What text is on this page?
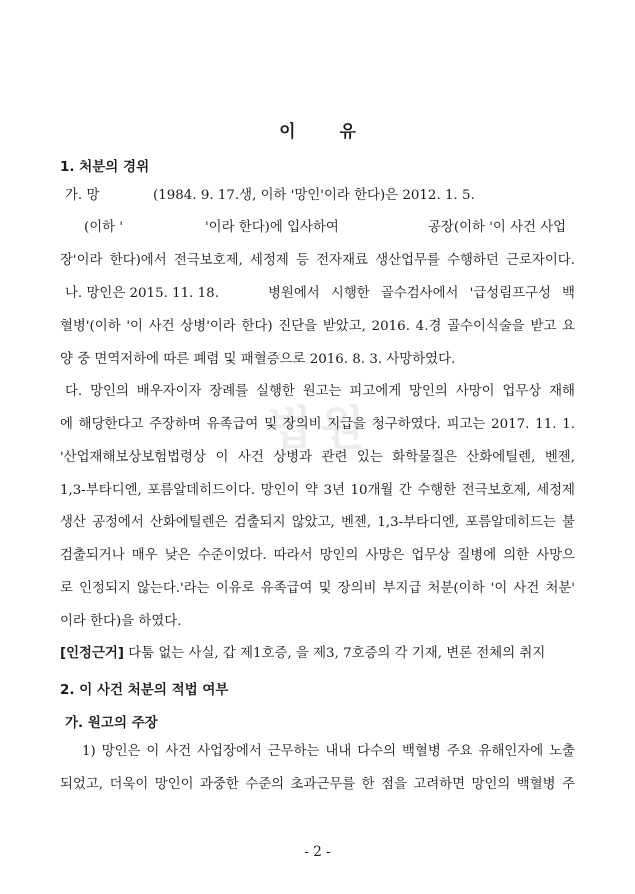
법원
이 유
1. 처분의 경위
가. 망	(1984. 9. 17.생, 이하 '망인'이라 한다)은 2012. 1. 5.
(이하 '	'이라 한다)에 입사하여	공장(이하 '이 사건 사업
장'이라 한다)에서 전극보호제, 세정제 등 전자재료 생산업무를 수행하던 근로자이다.
나. 망인은 2015. 11. 18.	병원에서 시행한 골수검사에서 '급성림프구성 백
혈병'(이하 '이 사건 상병'이라 한다) 진단을 받았고, 2016. 4.경 골수이식술을 받고 요
양 중 면역저하에 따른 폐렴 및 패혈증으로 2016. 8. 3. 사망하였다.
다. 망인의 배우자이자 장례를 실행한 원고는 피고에게 망인의 사망이 업무상 재해
에 해당한다고 주장하며 유족급여 및 장의비 지급을 청구하였다. 피고는 2017. 11. 1.
'산업재해보상보험법령상 이 사건 상병과 관련 있는 화학물질은 산화에틸렌, 벤젠,
1,3-부타디엔, 포름알데히드이다. 망인이 약 3년 10개월 간 수행한 전극보호제, 세정제
생산 공정에서 산화에틸렌은 검출되지 않았고, 벤젠, 1,3-부타디엔, 포름알데히드는 불
검출되거나 매우 낮은 수준이었다. 따라서 망인의 사망은 업무상 질병에 의한 사망으
로 인정되지 않는다.'라는 이유로 유족급여 및 장의비 부지급 처분(이하 '이 사건 처분'
이라 한다)을 하였다.
[인정근거] 다툼 없는 사실, 갑 제1호증, 을 제3, 7호증의 각 기재, 변론 전체의 취지
2. 이 사건 처분의 적법 여부
가. 원고의 주장
1) 망인은 이 사건 사업장에서 근무하는 내내 다수의 백혈병 주요 유해인자에 노출
되었고, 더욱이 망인이 과중한 수준의 초과근무를 한 점을 고려하면 망인의 백혈병 주
- 2 -
